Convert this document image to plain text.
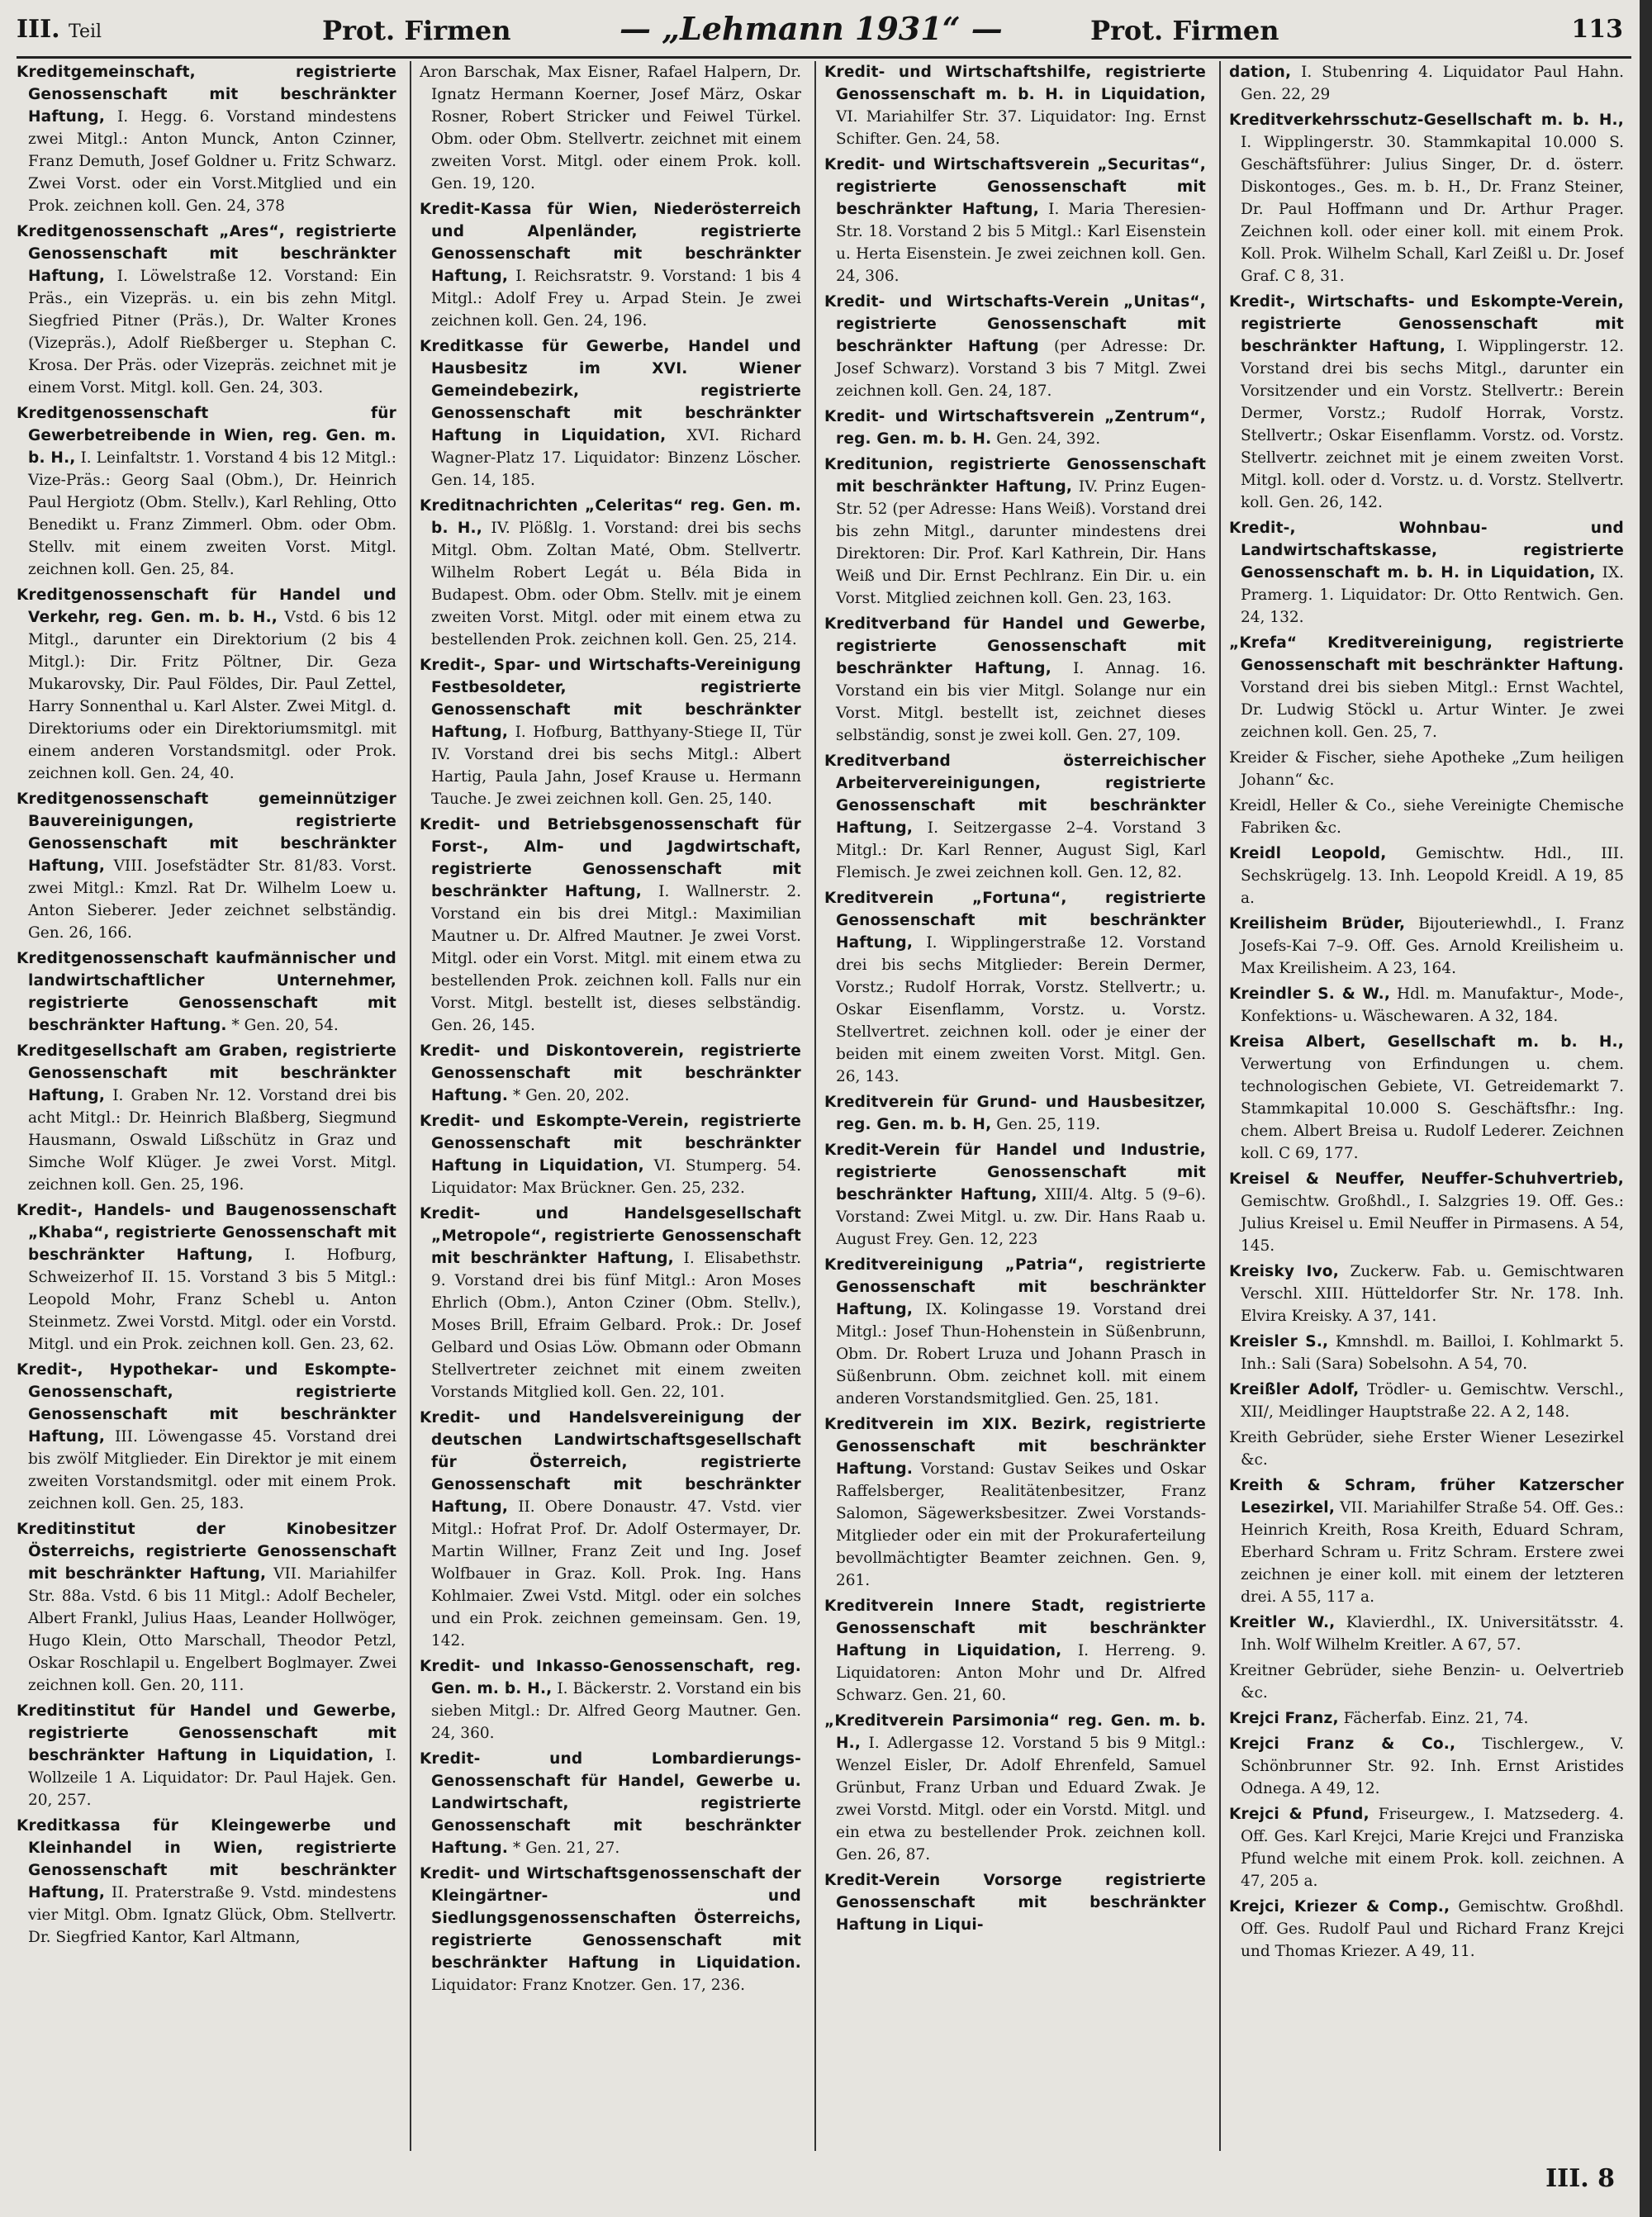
III. Teil	Prot. Firmen	— „Lehmann 1931“ —	Prot. Firmen	113

Kreditgemeinschaft, registrierte Genossenschaft mit beschränkter Haftung, I. Hegg. 6. Vorstand mindestens zwei Mitgl.: Anton Munck, Anton Czinner, Franz Demuth, Josef Goldner u. Fritz Schwarz. Zwei Vorst. oder ein Vorst.Mitglied und ein Prok. zeichnen koll. Gen. 24, 378

Kreditgenossenschaft „Ares“, registrierte Genossenschaft mit beschränkter Haftung, I. Löwelstraße 12. Vorstand: Ein Präs., ein Vizepräs. u. ein bis zehn Mitgl. Siegfried Pitner (Präs.), Dr. Walter Krones (Vizepräs.), Adolf Rießberger u. Stephan C. Krosa. Der Präs. oder Vizepräs. zeichnet mit je einem Vorst. Mitgl. koll. Gen. 24, 303.

Kreditgenossenschaft für Gewerbetreibende in Wien, reg. Gen. m. b. H., I. Leinfaltstr. 1. Vorstand 4 bis 12 Mitgl.: Vize-Präs.: Georg Saal (Obm.), Dr. Heinrich Paul Hergiotz (Obm. Stellv.), Karl Rehling, Otto Benedikt u. Franz Zimmerl. Obm. oder Obm. Stellv. mit einem zweiten Vorst. Mitgl. zeichnen koll. Gen. 25, 84.

Kreditgenossenschaft für Handel und Verkehr, reg. Gen. m. b. H., Vstd. 6 bis 12 Mitgl., darunter ein Direktorium (2 bis 4 Mitgl.): Dir. Fritz Pöltner, Dir. Geza Mukarovsky, Dir. Paul Földes, Dir. Paul Zettel, Harry Sonnenthal u. Karl Alster. Zwei Mitgl. d. Direktoriums oder ein Direktoriumsmitgl. mit einem anderen Vorstandsmitgl. oder Prok. zeichnen koll. Gen. 24, 40.

Kreditgenossenschaft gemeinnütziger Bauvereinigungen, registrierte Genossenschaft mit beschränkter Haftung, VIII. Josefstädter Str. 81/83. Vorst. zwei Mitgl.: Kmzl. Rat Dr. Wilhelm Loew u. Anton Sieberer. Jeder zeichnet selbständig. Gen. 26, 166.

Kreditgenossenschaft kaufmännischer und landwirtschaftlicher Unternehmer, registrierte Genossenschaft mit beschränkter Haftung. * Gen. 20, 54.

Kreditgesellschaft am Graben, registrierte Genossenschaft mit beschränkter Haftung, I. Graben Nr. 12. Vorstand drei bis acht Mitgl.: Dr. Heinrich Blaßberg, Siegmund Hausmann, Oswald Lißschütz in Graz und Simche Wolf Klüger. Je zwei Vorst. Mitgl. zeichnen koll. Gen. 25, 196.

Kredit-, Handels- und Baugenossenschaft „Khaba“, registrierte Genossenschaft mit beschränkter Haftung, I. Hofburg, Schweizerhof II. 15. Vorstand 3 bis 5 Mitgl.: Leopold Mohr, Franz Schebl u. Anton Steinmetz. Zwei Vorstd. Mitgl. oder ein Vorstd. Mitgl. und ein Prok. zeichnen koll. Gen. 23, 62.

Kredit-, Hypothekar- und Eskompte-Genossenschaft, registrierte Genossenschaft mit beschränkter Haftung, III. Löwengasse 45. Vorstand drei bis zwölf Mitglieder. Ein Direktor je mit einem zweiten Vorstandsmitgl. oder mit einem Prok. zeichnen koll. Gen. 25, 183.

Kreditinstitut der Kinobesitzer Österreichs, registrierte Genossenschaft mit beschränkter Haftung, VII. Mariahilfer Str. 88a. Vstd. 6 bis 11 Mitgl.: Adolf Becheler, Albert Frankl, Julius Haas, Leander Hollwöger, Hugo Klein, Otto Marschall, Theodor Petzl, Oskar Roschlapil u. Engelbert Boglmayer. Zwei zeichnen koll. Gen. 20, 111.

Kreditinstitut für Handel und Gewerbe, registrierte Genossenschaft mit beschränkter Haftung in Liquidation, I. Wollzeile 1 A. Liquidator: Dr. Paul Hajek. Gen. 20, 257.

Kreditkassa für Kleingewerbe und Kleinhandel in Wien, registrierte Genossenschaft mit beschränkter Haftung, II. Praterstraße 9. Vstd. mindestens vier Mitgl. Obm. Ignatz Glück, Obm. Stellvertr. Dr. Siegfried Kantor, Karl Altmann,

Aron Barschak, Max Eisner, Rafael Halpern, Dr. Ignatz Hermann Koerner, Josef März, Oskar Rosner, Robert Stricker und Feiwel Türkel. Obm. oder Obm. Stellvertr. zeichnet mit einem zweiten Vorst. Mitgl. oder einem Prok. koll. Gen. 19, 120.

Kredit-Kassa für Wien, Niederösterreich und Alpenländer, registrierte Genossenschaft mit beschränkter Haftung, I. Reichsratstr. 9. Vorstand: 1 bis 4 Mitgl.: Adolf Frey u. Arpad Stein. Je zwei zeichnen koll. Gen. 24, 196.

Kreditkasse für Gewerbe, Handel und Hausbesitz im XVI. Wiener Gemeindebezirk, registrierte Genossenschaft mit beschränkter Haftung in Liquidation, XVI. Richard Wagner-Platz 17. Liquidator: Binzenz Löscher. Gen. 14, 185.

Kreditnachrichten „Celeritas“ reg. Gen. m. b. H., IV. Plößlg. 1. Vorstand: drei bis sechs Mitgl. Obm. Zoltan Maté, Obm. Stellvertr. Wilhelm Robert Legát u. Béla Bida in Budapest. Obm. oder Obm. Stellv. mit je einem zweiten Vorst. Mitgl. oder mit einem etwa zu bestellenden Prok. zeichnen koll. Gen. 25, 214.

Kredit-, Spar- und Wirtschafts-Vereinigung Festbesoldeter, registrierte Genossenschaft mit beschränkter Haftung, I. Hofburg, Batthyany-Stiege II, Tür IV. Vorstand drei bis sechs Mitgl.: Albert Hartig, Paula Jahn, Josef Krause u. Hermann Tauche. Je zwei zeichnen koll. Gen. 25, 140.

Kredit- und Betriebsgenossenschaft für Forst-, Alm- und Jagdwirtschaft, registrierte Genossenschaft mit beschränkter Haftung, I. Wallnerstr. 2. Vorstand ein bis drei Mitgl.: Maximilian Mautner u. Dr. Alfred Mautner. Je zwei Vorst. Mitgl. oder ein Vorst. Mitgl. mit einem etwa zu bestellenden Prok. zeichnen koll. Falls nur ein Vorst. Mitgl. bestellt ist, dieses selbständig. Gen. 26, 145.

Kredit- und Diskontoverein, registrierte Genossenschaft mit beschränkter Haftung. * Gen. 20, 202.

Kredit- und Eskompte-Verein, registrierte Genossenschaft mit beschränkter Haftung in Liquidation, VI. Stumperg. 54. Liquidator: Max Brückner. Gen. 25, 232.

Kredit- und Handelsgesellschaft „Metropole“, registrierte Genossenschaft mit beschränkter Haftung, I. Elisabethstr. 9. Vorstand drei bis fünf Mitgl.: Aron Moses Ehrlich (Obm.), Anton Cziner (Obm. Stellv.), Moses Brill, Efraim Gelbard. Prok.: Dr. Josef Gelbard und Osias Löw. Obmann oder Obmann Stellvertreter zeichnet mit einem zweiten Vorstands Mitglied koll. Gen. 22, 101.

Kredit- und Handelsvereinigung der deutschen Landwirtschaftsgesellschaft für Österreich, registrierte Genossenschaft mit beschränkter Haftung, II. Obere Donaustr. 47. Vstd. vier Mitgl.: Hofrat Prof. Dr. Adolf Ostermayer, Dr. Martin Willner, Franz Zeit und Ing. Josef Wolfbauer in Graz. Koll. Prok. Ing. Hans Kohlmaier. Zwei Vstd. Mitgl. oder ein solches und ein Prok. zeichnen gemeinsam. Gen. 19, 142.

Kredit- und Inkasso-Genossenschaft, reg. Gen. m. b. H., I. Bäckerstr. 2. Vorstand ein bis sieben Mitgl.: Dr. Alfred Georg Mautner. Gen. 24, 360.

Kredit- und Lombardierungs-Genossenschaft für Handel, Gewerbe u. Landwirtschaft, registrierte Genossenschaft mit beschränkter Haftung. * Gen. 21, 27.

Kredit- und Wirtschaftsgenossenschaft der Kleingärtner- und Siedlungsgenossenschaften Österreichs, registrierte Genossenschaft mit beschränkter Haftung in Liquidation. Liquidator: Franz Knotzer. Gen. 17, 236.

Kredit- und Wirtschaftshilfe, registrierte Genossenschaft m. b. H. in Liquidation, VI. Mariahilfer Str. 37. Liquidator: Ing. Ernst Schifter. Gen. 24, 58.

Kredit- und Wirtschaftsverein „Securitas“, registrierte Genossenschaft mit beschränkter Haftung, I. Maria Theresien-Str. 18. Vorstand 2 bis 5 Mitgl.: Karl Eisenstein u. Herta Eisenstein. Je zwei zeichnen koll. Gen. 24, 306.

Kredit- und Wirtschafts-Verein „Unitas“, registrierte Genossenschaft mit beschränkter Haftung (per Adresse: Dr. Josef Schwarz). Vorstand 3 bis 7 Mitgl. Zwei zeichnen koll. Gen. 24, 187.

Kredit- und Wirtschaftsverein „Zentrum“, reg. Gen. m. b. H. Gen. 24, 392.

Kreditunion, registrierte Genossenschaft mit beschränkter Haftung, IV. Prinz Eugen-Str. 52 (per Adresse: Hans Weiß). Vorstand drei bis zehn Mitgl., darunter mindestens drei Direktoren: Dir. Prof. Karl Kathrein, Dir. Hans Weiß und Dir. Ernst Pechlranz. Ein Dir. u. ein Vorst. Mitglied zeichnen koll. Gen. 23, 163.

Kreditverband für Handel und Gewerbe, registrierte Genossenschaft mit beschränkter Haftung, I. Annag. 16. Vorstand ein bis vier Mitgl. Solange nur ein Vorst. Mitgl. bestellt ist, zeichnet dieses selbständig, sonst je zwei koll. Gen. 27, 109.

Kreditverband österreichischer Arbeitervereinigungen, registrierte Genossenschaft mit beschränkter Haftung, I. Seitzergasse 2–4. Vorstand 3 Mitgl.: Dr. Karl Renner, August Sigl, Karl Flemisch. Je zwei zeichnen koll. Gen. 12, 82.

Kreditverein „Fortuna“, registrierte Genossenschaft mit beschränkter Haftung, I. Wipplingerstraße 12. Vorstand drei bis sechs Mitglieder: Berein Dermer, Vorstz.; Rudolf Horrak, Vorstz. Stellvertr.; u. Oskar Eisenflamm, Vorstz. u. Vorstz. Stellvertret. zeichnen koll. oder je einer der beiden mit einem zweiten Vorst. Mitgl. Gen. 26, 143.

Kreditverein für Grund- und Hausbesitzer, reg. Gen. m. b. H, Gen. 25, 119.

Kredit-Verein für Handel und Industrie, registrierte Genossenschaft mit beschränkter Haftung, XIII/4. Altg. 5 (9–6). Vorstand: Zwei Mitgl. u. zw. Dir. Hans Raab u. August Frey. Gen. 12, 223

Kreditvereinigung „Patria“, registrierte Genossenschaft mit beschränkter Haftung, IX. Kolingasse 19. Vorstand drei Mitgl.: Josef Thun-Hohenstein in Süßenbrunn, Obm. Dr. Robert Lruza und Johann Prasch in Süßenbrunn. Obm. zeichnet koll. mit einem anderen Vorstandsmitglied. Gen. 25, 181.

Kreditverein im XIX. Bezirk, registrierte Genossenschaft mit beschränkter Haftung. Vorstand: Gustav Seikes und Oskar Raffelsberger, Realitätenbesitzer, Franz Salomon, Sägewerksbesitzer. Zwei Vorstands-Mitglieder oder ein mit der Prokuraferteilung bevollmächtigter Beamter zeichnen. Gen. 9, 261.

Kreditverein Innere Stadt, registrierte Genossenschaft mit beschränkter Haftung in Liquidation, I. Herreng. 9. Liquidatoren: Anton Mohr und Dr. Alfred Schwarz. Gen. 21, 60.

„Kreditverein Parsimonia“ reg. Gen. m. b. H., I. Adlergasse 12. Vorstand 5 bis 9 Mitgl.: Wenzel Eisler, Dr. Adolf Ehrenfeld, Samuel Grünbut, Franz Urban und Eduard Zwak. Je zwei Vorstd. Mitgl. oder ein Vorstd. Mitgl. und ein etwa zu bestellender Prok. zeichnen koll. Gen. 26, 87.

Kredit-Verein Vorsorge registrierte Genossenschaft mit beschränkter Haftung in Liqui-

dation, I. Stubenring 4. Liquidator Paul Hahn. Gen. 22, 29

Kreditverkehrsschutz-Gesellschaft m. b. H., I. Wipplingerstr. 30. Stammkapital 10.000 S. Geschäftsführer: Julius Singer, Dr. d. österr. Diskontoges., Ges. m. b. H., Dr. Franz Steiner, Dr. Paul Hoffmann und Dr. Arthur Prager. Zeichnen koll. oder einer koll. mit einem Prok. Koll. Prok. Wilhelm Schall, Karl Zeißl u. Dr. Josef Graf. C 8, 31.

Kredit-, Wirtschafts- und Eskompte-Verein, registrierte Genossenschaft mit beschränkter Haftung, I. Wipplingerstr. 12. Vorstand drei bis sechs Mitgl., darunter ein Vorsitzender und ein Vorstz. Stellvertr.: Berein Dermer, Vorstz.; Rudolf Horrak, Vorstz. Stellvertr.; Oskar Eisenflamm. Vorstz. od. Vorstz. Stellvertr. zeichnet mit je einem zweiten Vorst. Mitgl. koll. oder d. Vorstz. u. d. Vorstz. Stellvertr. koll. Gen. 26, 142.

Kredit-, Wohnbau- und Landwirtschaftskasse, registrierte Genossenschaft m. b. H. in Liquidation, IX. Pramerg. 1. Liquidator: Dr. Otto Rentwich. Gen. 24, 132.

„Krefa“ Kreditvereinigung, registrierte Genossenschaft mit beschränkter Haftung. Vorstand drei bis sieben Mitgl.: Ernst Wachtel, Dr. Ludwig Stöckl u. Artur Winter. Je zwei zeichnen koll. Gen. 25, 7.

Kreider & Fischer, siehe Apotheke „Zum heiligen Johann“ &c.

Kreidl, Heller & Co., siehe Vereinigte Chemische Fabriken &c.

Kreidl Leopold, Gemischtw. Hdl., III. Sechskrügelg. 13. Inh. Leopold Kreidl. A 19, 85 a.

Kreilisheim Brüder, Bijouteriewhdl., I. Franz Josefs-Kai 7–9. Off. Ges. Arnold Kreilisheim u. Max Kreilisheim. A 23, 164.

Kreindler S. & W., Hdl. m. Manufaktur-, Mode-, Konfektions- u. Wäschewaren. A 32, 184.

Kreisa Albert, Gesellschaft m. b. H., Verwertung von Erfindungen u. chem. technologischen Gebiete, VI. Getreidemarkt 7. Stammkapital 10.000 S. Geschäftsfhr.: Ing. chem. Albert Breisa u. Rudolf Lederer. Zeichnen koll. C 69, 177.

Kreisel & Neuffer, Neuffer-Schuhvertrieb, Gemischtw. Großhdl., I. Salzgries 19. Off. Ges.: Julius Kreisel u. Emil Neuffer in Pirmasens. A 54, 145.

Kreisky Ivo, Zuckerw. Fab. u. Gemischtwaren Verschl. XIII. Hütteldorfer Str. Nr. 178. Inh. Elvira Kreisky. A 37, 141.

Kreisler S., Kmnshdl. m. Bailloi, I. Kohlmarkt 5. Inh.: Sali (Sara) Sobelsohn. A 54, 70.

Kreißler Adolf, Trödler- u. Gemischtw. Verschl., XII/, Meidlinger Hauptstraße 22. A 2, 148.

Kreith Gebrüder, siehe Erster Wiener Lesezirkel &c.

Kreith & Schram, früher Katzerscher Lesezirkel, VII. Mariahilfer Straße 54. Off. Ges.: Heinrich Kreith, Rosa Kreith, Eduard Schram, Eberhard Schram u. Fritz Schram. Erstere zwei zeichnen je einer koll. mit einem der letzteren drei. A 55, 117 a.

Kreitler W., Klavierdhl., IX. Universitätsstr. 4. Inh. Wolf Wilhelm Kreitler. A 67, 57.

Kreitner Gebrüder, siehe Benzin- u. Oelvertrieb &c.

Krejci Franz, Fächerfab. Einz. 21, 74.

Krejci Franz & Co., Tischlergew., V. Schönbrunner Str. 92. Inh. Ernst Aristides Odnega. A 49, 12.

Krejci & Pfund, Friseurgew., I. Matzsederg. 4. Off. Ges. Karl Krejci, Marie Krejci und Franziska Pfund welche mit einem Prok. koll. zeichnen. A 47, 205 a.

Krejci, Kriezer & Comp., Gemischtw. Großhdl. Off. Ges. Rudolf Paul und Richard Franz Krejci und Thomas Kriezer. A 49, 11.

III. 8
